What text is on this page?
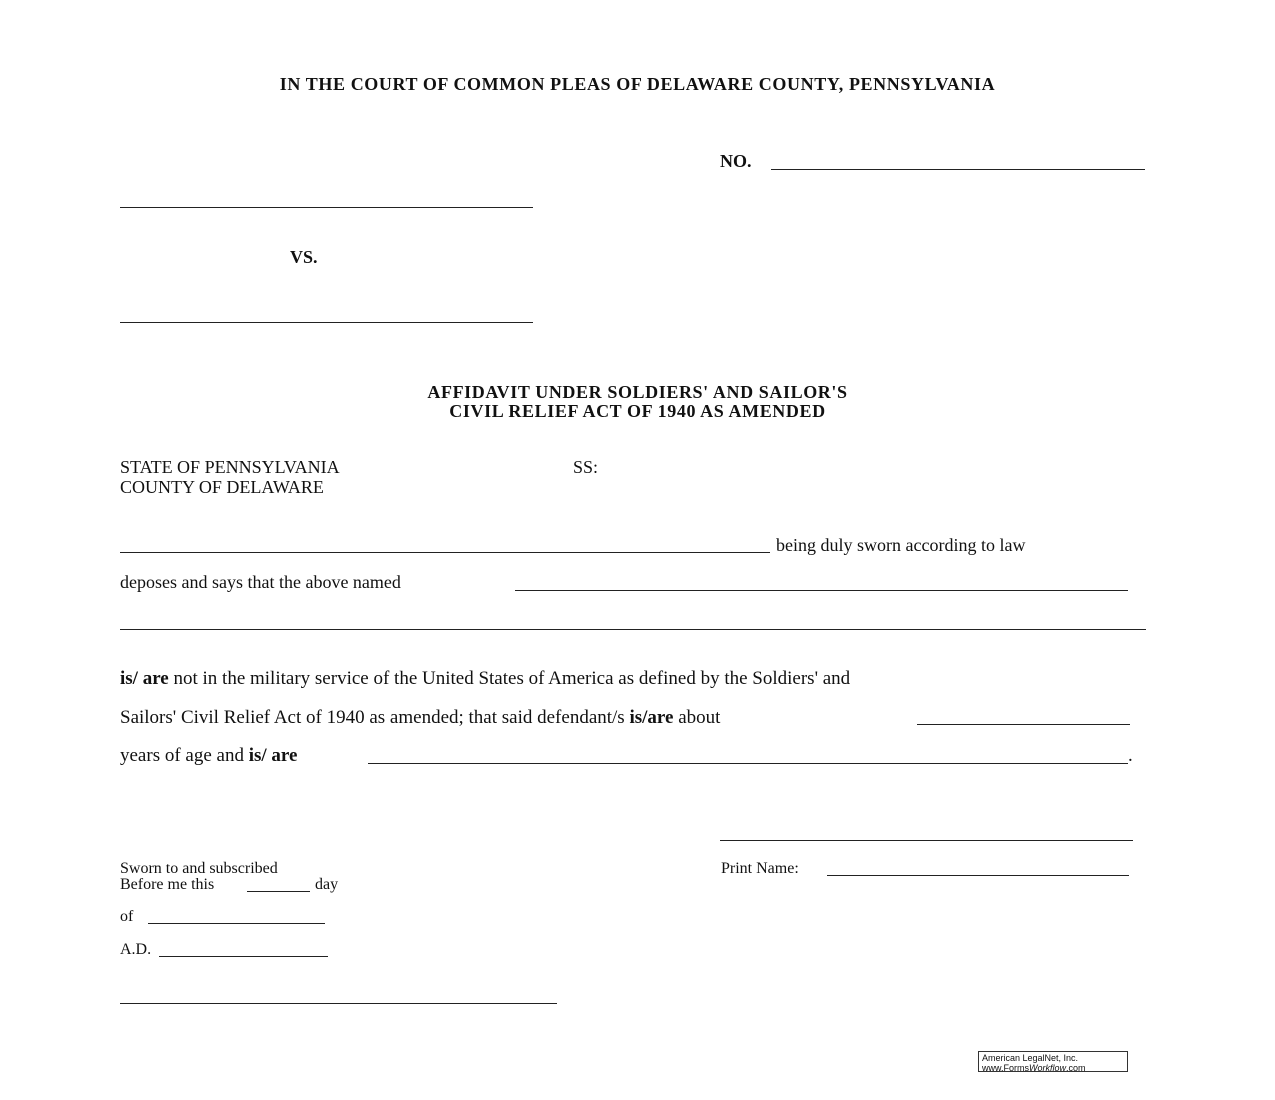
IN THE COURT OF COMMON PLEAS OF DELAWARE COUNTY, PENNSYLVANIA
NO.
VS.
AFFIDAVIT UNDER SOLDIERS' AND SAILOR'S
CIVIL RELIEF ACT OF 1940 AS AMENDED
STATE OF PENNSYLVANIA
COUNTY OF DELAWARE
SS:
being duly sworn according to law
deposes and says that the above named
is/ are not in the military service of the United States of America as defined by the Soldiers' and
Sailors' Civil Relief Act of 1940 as amended; that said defendant/s is/are about
years of age and is/ are	.
Print Name:
Sworn to and subscribed
Before me this	day
of
A.D.
American LegalNet, Inc.
www.FormsWorkflow.com
